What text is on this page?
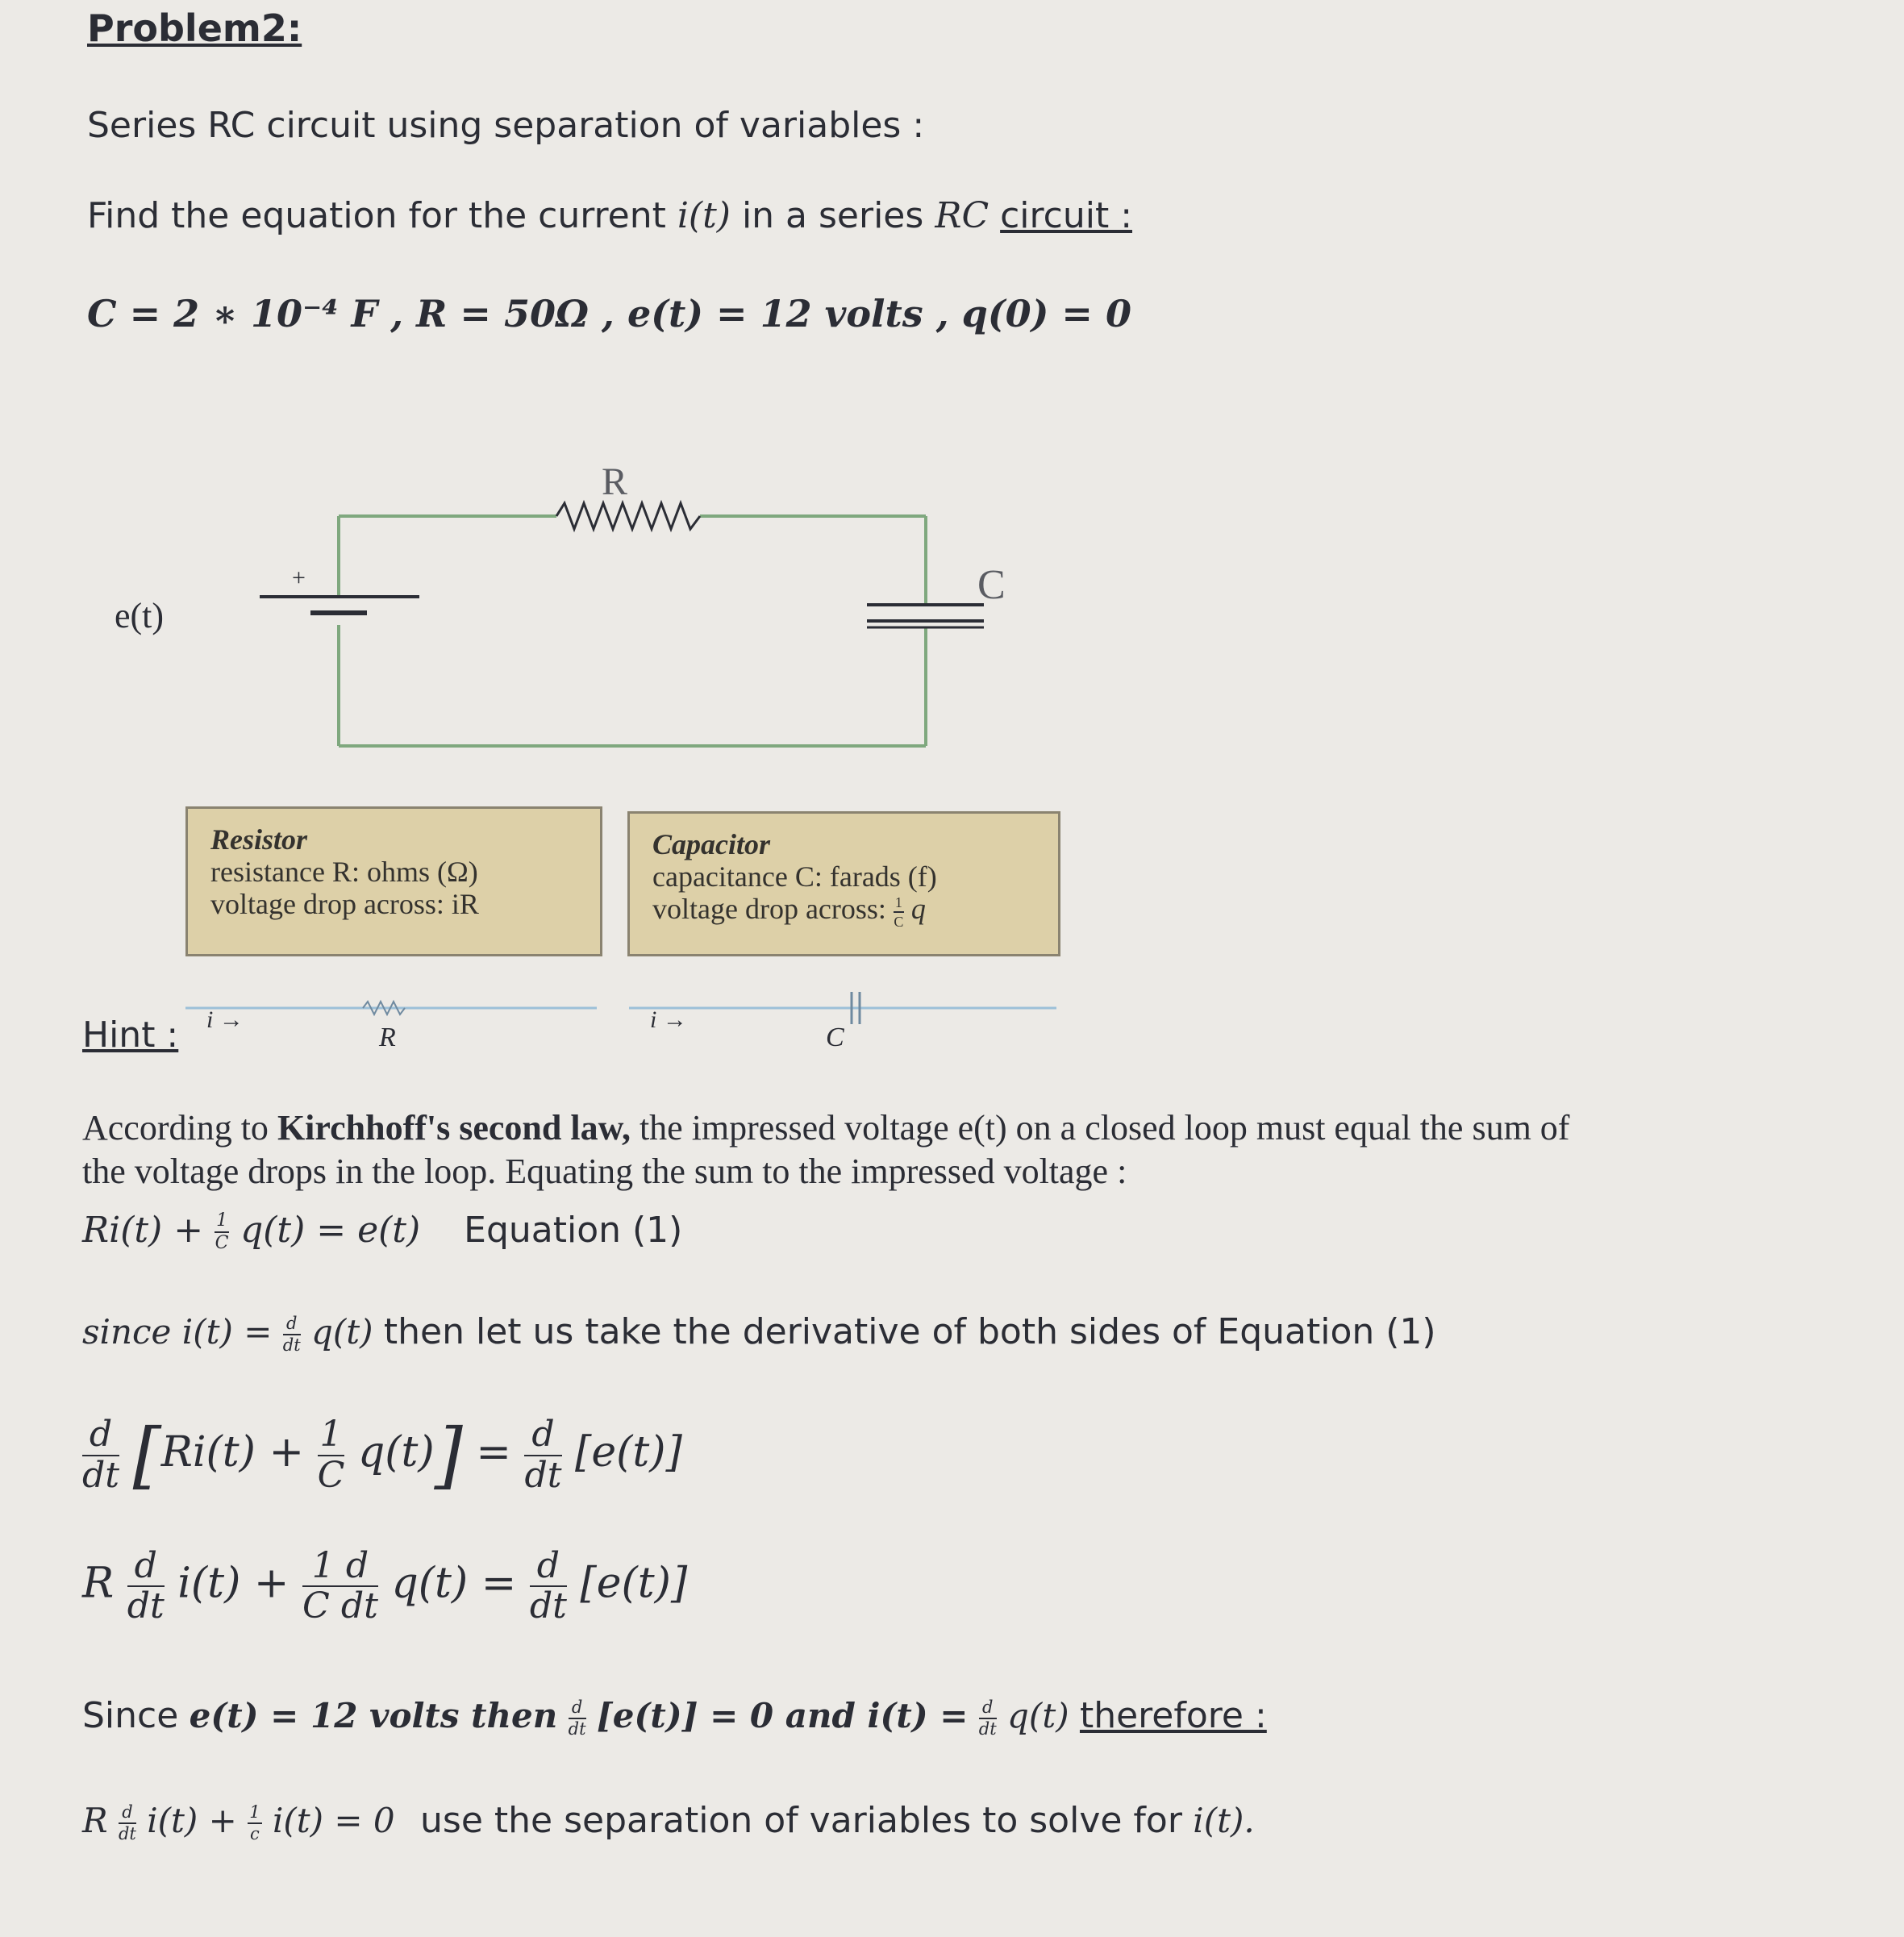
Problem2:
Series RC circuit using separation of variables :
Find the equation for the current i(t) in a series RC circuit :
C = 2 ∗ 10⁻⁴ F , R = 50Ω , e(t) = 12 volts , q(0) = 0
e(t)
+
R
C
Resistor
resistance R: ohms (Ω)
voltage drop across: iR
Capacitor
capacitance C: farads (f)
voltage drop across: $\frac{1}{C}$ q
Hint : i →
R
i →
C
According to Kirchhoff's second law, the impressed voltage e(t) on a closed loop must equal the sum of
the voltage drops in the loop. Equating the sum to the impressed voltage :
$Ri(t) + \frac{1}{C} q(t) = e(t)$ Equation (1)
since $i(t) = \frac{d}{dt} q(t)$ then let us take the derivative of both sides of Equation (1)
$\frac{d}{dt} [Ri(t) + \frac{1}{C} q(t)] = \frac{d}{dt} [e(t)]$
R $\frac{d}{dt} i(t) + \frac{1 d}{\text{C dt}} q(t) = \frac{d}{dt} [e(t)]$
Since e(t) = 12 volts then $\frac{d}{dt} [e(t)] = 0$ and $i(t) = \frac{d}{dt} q(t)$ therefore :
R $\frac{d}{dt} i(t) + \frac{1}{c} i(t) = 0$ use the separation of variables to solve for i(t).
